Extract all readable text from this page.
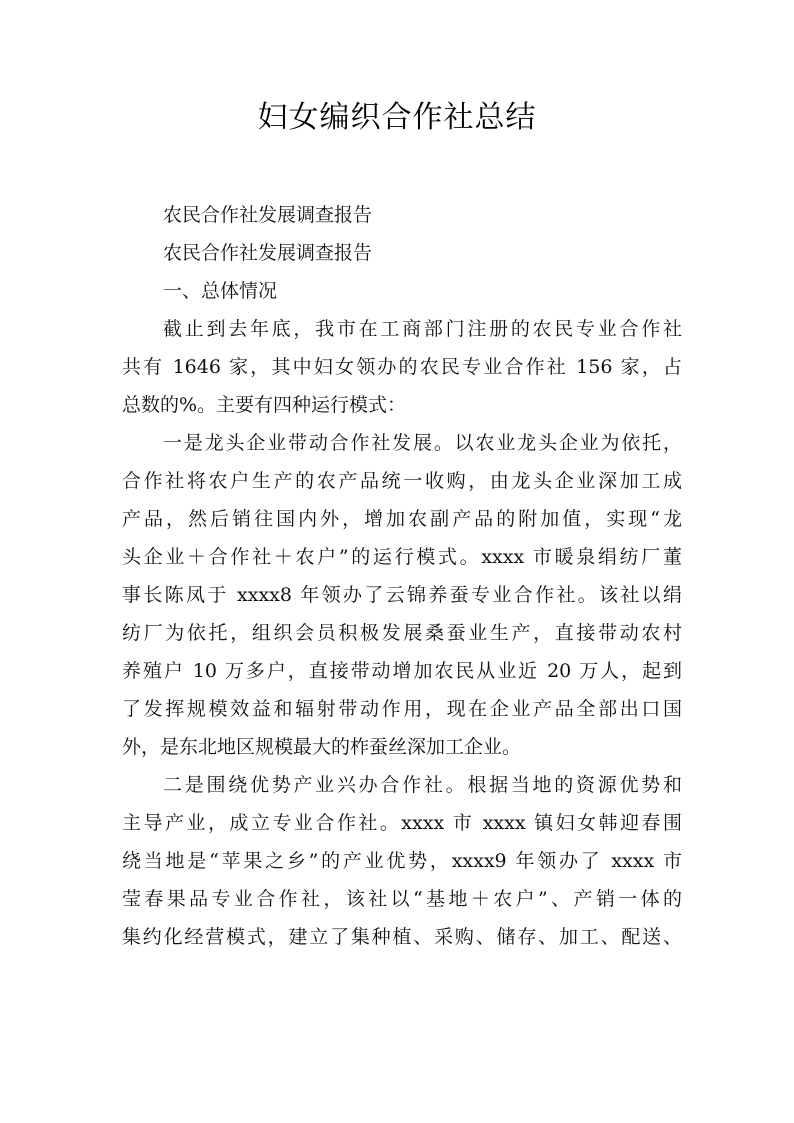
妇女编织合作社总结
农民合作社发展调查报告
农民合作社发展调查报告
一、总体情况
截止到去年底，我市在工商部门注册的农民专业合作社
共有 1646 家，其中妇女领办的农民专业合作社 156 家，占
总数的%。主要有四种运行模式：
一是龙头企业带动合作社发展。以农业龙头企业为依托，
合作社将农户生产的农产品统一收购，由龙头企业深加工成
产品，然后销往国内外，增加农副产品的附加值，实现“龙
头企业＋合作社＋农户”的运行模式。xxxx 市暖泉绢纺厂董
事长陈凤于 xxxx8 年领办了云锦养蚕专业合作社。该社以绢
纺厂为依托，组织会员积极发展桑蚕业生产，直接带动农村
养殖户 10 万多户，直接带动增加农民从业近 20 万人，起到
了发挥规模效益和辐射带动作用，现在企业产品全部出口国
外，是东北地区规模最大的柞蚕丝深加工企业。
二是围绕优势产业兴办合作社。根据当地的资源优势和
主导产业，成立专业合作社。xxxx 市 xxxx 镇妇女韩迎春围
绕当地是“苹果之乡”的产业优势，xxxx9 年领办了 xxxx 市
莹春果品专业合作社，该社以“基地＋农户”、产销一体的
集约化经营模式，建立了集种植、采购、储存、加工、配送、
